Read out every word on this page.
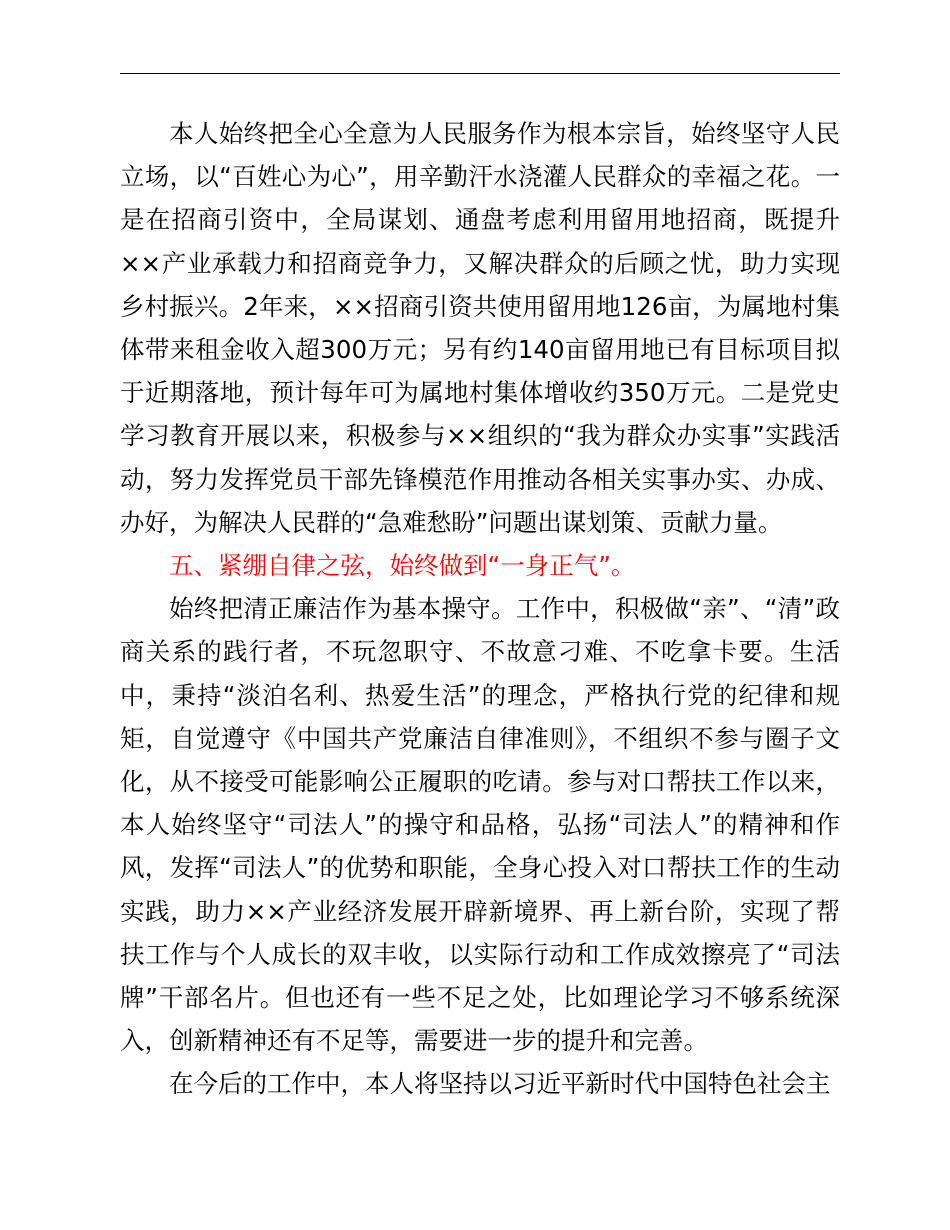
本人始终把全心全意为人民服务作为根本宗旨，始终坚守人民立场，以“百姓心为心”，用辛勤汗水浇灌人民群众的幸福之花。一是在招商引资中，全局谋划、通盘考虑利用留用地招商，既提升××产业承载力和招商竞争力，又解决群众的后顾之忧，助力实现乡村振兴。2年来，××招商引资共使用留用地126亩，为属地村集体带来租金收入超300万元；另有约140亩留用地已有目标项目拟于近期落地，预计每年可为属地村集体增收约350万元。二是党史学习教育开展以来，积极参与××组织的“我为群众办实事”实践活动，努力发挥党员干部先锋模范作用推动各相关实事办实、办成、办好，为解决人民群的“急难愁盼”问题出谋划策、贡献力量。

五、紧绷自律之弦，始终做到“一身正气”。

始终把清正廉洁作为基本操守。工作中，积极做“亲”、“清”政商关系的践行者，不玩忽职守、不故意刁难、不吃拿卡要。生活中，秉持“淡泊名利、热爱生活”的理念，严格执行党的纪律和规矩，自觉遵守《中国共产党廉洁自律准则》，不组织不参与圈子文化，从不接受可能影响公正履职的吃请。参与对口帮扶工作以来，本人始终坚守“司法人”的操守和品格，弘扬“司法人”的精神和作风，发挥“司法人”的优势和职能，全身心投入对口帮扶工作的生动实践，助力××产业经济发展开辟新境界、再上新台阶，实现了帮扶工作与个人成长的双丰收，以实际行动和工作成效擦亮了“司法牌”干部名片。但也还有一些不足之处，比如理论学习不够系统深入，创新精神还有不足等，需要进一步的提升和完善。

在今后的工作中，本人将坚持以习近平新时代中国特色社会主
